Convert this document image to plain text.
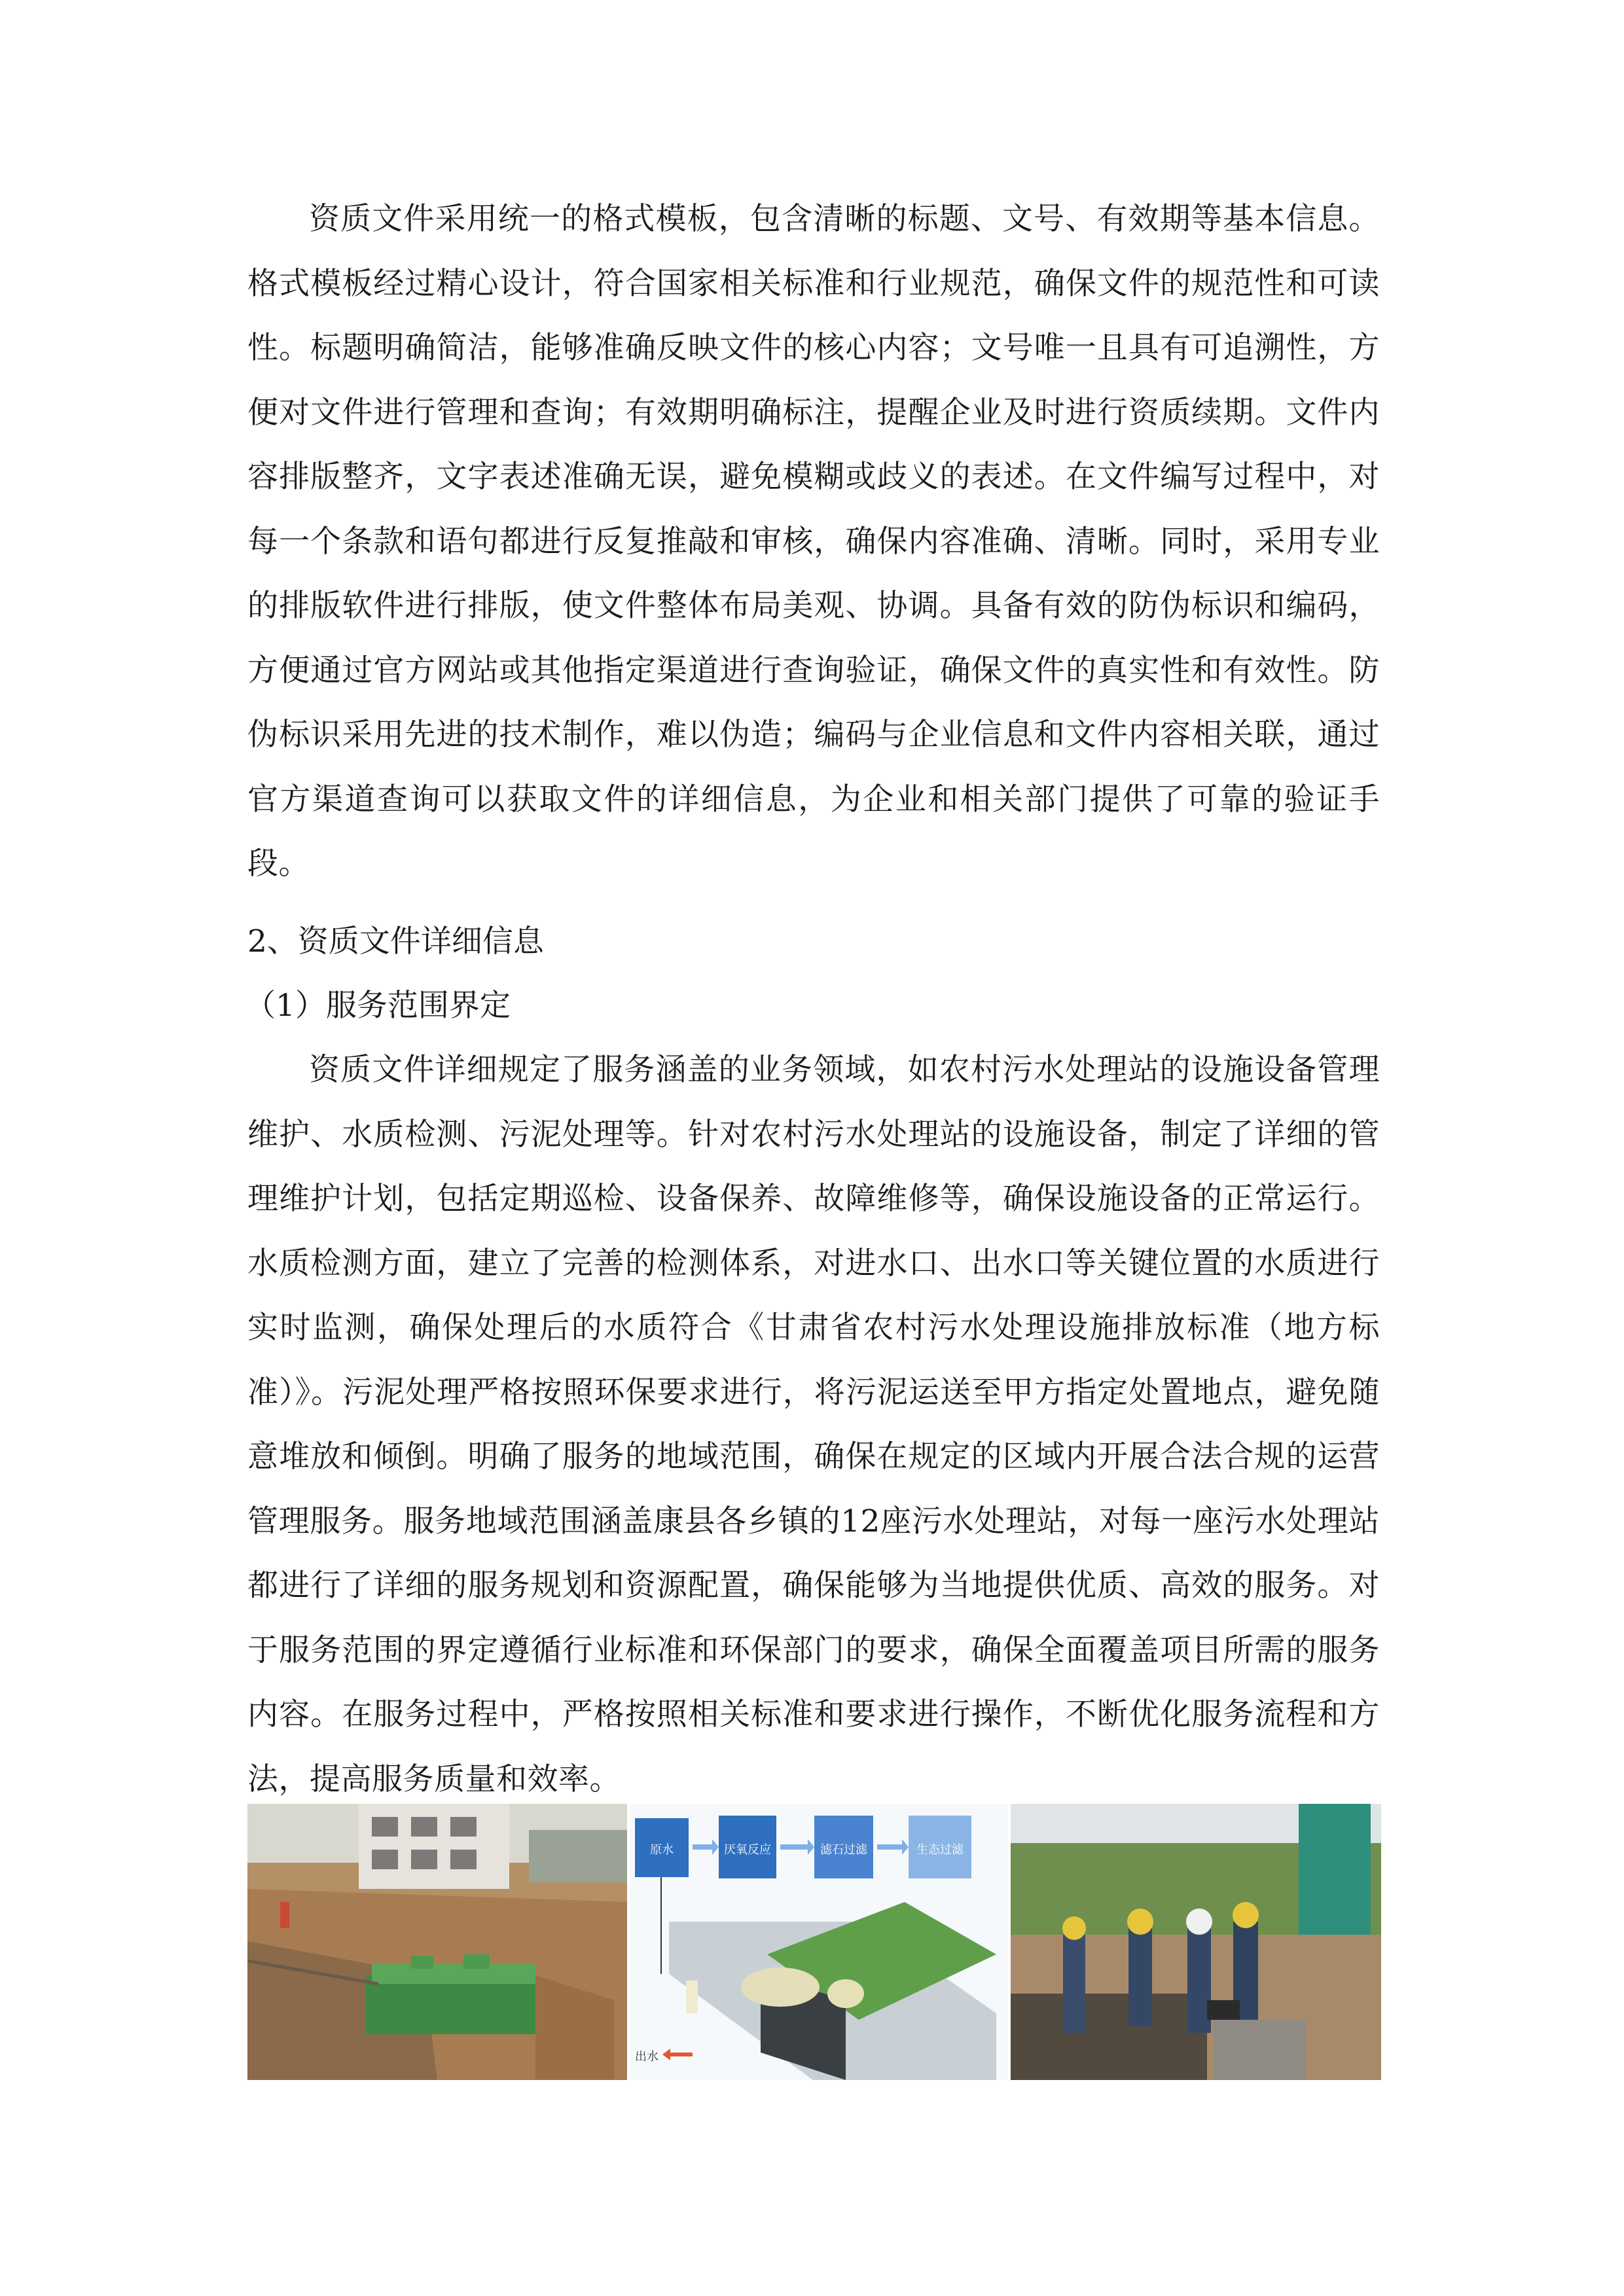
资质文件采用统一的格式模板，包含清晰的标题、文号、有效期等基本信息。格式模板经过精心设计，符合国家相关标准和行业规范，确保文件的规范性和可读性。标题明确简洁，能够准确反映文件的核心内容；文号唯一且具有可追溯性，方便对文件进行管理和查询；有效期明确标注，提醒企业及时进行资质续期。文件内容排版整齐，文字表述准确无误，避免模糊或歧义的表述。在文件编写过程中，对每一个条款和语句都进行反复推敲和审核，确保内容准确、清晰。同时，采用专业的排版软件进行排版，使文件整体布局美观、协调。具备有效的防伪标识和编码，方便通过官方网站或其他指定渠道进行查询验证，确保文件的真实性和有效性。防伪标识采用先进的技术制作，难以伪造；编码与企业信息和文件内容相关联，通过官方渠道查询可以获取文件的详细信息，为企业和相关部门提供了可靠的验证手段。

2、资质文件详细信息

（1）服务范围界定

资质文件详细规定了服务涵盖的业务领域，如农村污水处理站的设施设备管理维护、水质检测、污泥处理等。针对农村污水处理站的设施设备，制定了详细的管理维护计划，包括定期巡检、设备保养、故障维修等，确保设施设备的正常运行。水质检测方面，建立了完善的检测体系，对进水口、出水口等关键位置的水质进行实时监测，确保处理后的水质符合《甘肃省农村污水处理设施排放标准（地方标准）》。污泥处理严格按照环保要求进行，将污泥运送至甲方指定处置地点，避免随意堆放和倾倒。明确了服务的地域范围，确保在规定的区域内开展合法合规的运营管理服务。服务地域范围涵盖康县各乡镇的12座污水处理站，对每一座污水处理站都进行了详细的服务规划和资源配置，确保能够为当地提供优质、高效的服务。对于服务范围的界定遵循行业标准和环保部门的要求，确保全面覆盖项目所需的服务内容。在服务过程中，严格按照相关标准和要求进行操作，不断优化服务流程和方法，提高服务质量和效率。

原水	厌氧反应	滤石过滤	生态过滤
出水
